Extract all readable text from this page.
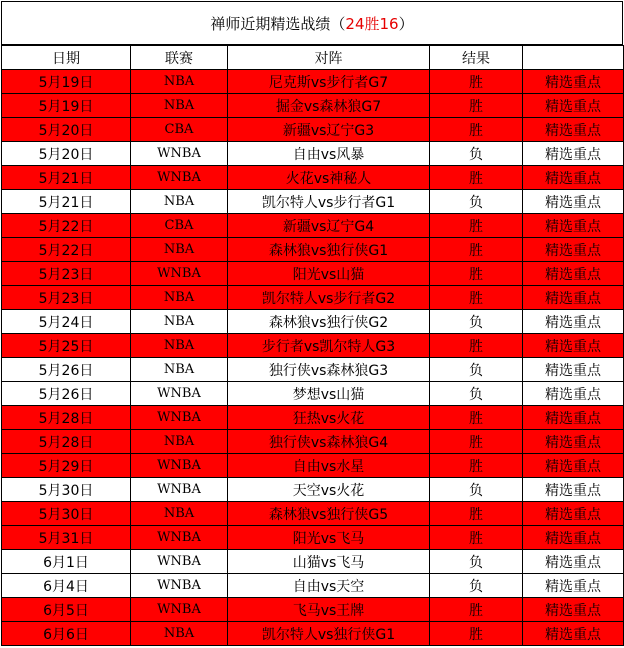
禅师近期精选战绩（ 24胜16 ）
日期	联赛	对阵	结果	
5月19日	NBA	尼克斯vs步行者G7	胜	精选重点
5月19日	NBA	掘金vs森林狼G7	胜	精选重点
5月20日	CBA	新疆vs辽宁G3	胜	精选重点
5月20日	WNBA	自由vs风暴	负	精选重点
5月21日	WNBA	火花vs神秘人	胜	精选重点
5月21日	NBA	凯尔特人vs步行者G1	负	精选重点
5月22日	CBA	新疆vs辽宁G4	胜	精选重点
5月22日	NBA	森林狼vs独行侠G1	胜	精选重点
5月23日	WNBA	阳光vs山猫	胜	精选重点
5月23日	NBA	凯尔特人vs步行者G2	胜	精选重点
5月24日	NBA	森林狼vs独行侠G2	负	精选重点
5月25日	NBA	步行者vs凯尔特人G3	胜	精选重点
5月26日	NBA	独行侠vs森林狼G3	负	精选重点
5月26日	WNBA	梦想vs山猫	负	精选重点
5月28日	WNBA	狂热vs火花	胜	精选重点
5月28日	NBA	独行侠vs森林狼G4	胜	精选重点
5月29日	WNBA	自由vs水星	胜	精选重点
5月30日	WNBA	天空vs火花	负	精选重点
5月30日	NBA	森林狼vs独行侠G5	胜	精选重点
5月31日	WNBA	阳光vs飞马	胜	精选重点
6月1日	WNBA	山猫vs飞马	负	精选重点
6月4日	WNBA	自由vs天空	负	精选重点
6月5日	WNBA	飞马vs王牌	胜	精选重点
6月6日	NBA	凯尔特人vs独行侠G1	胜	精选重点
